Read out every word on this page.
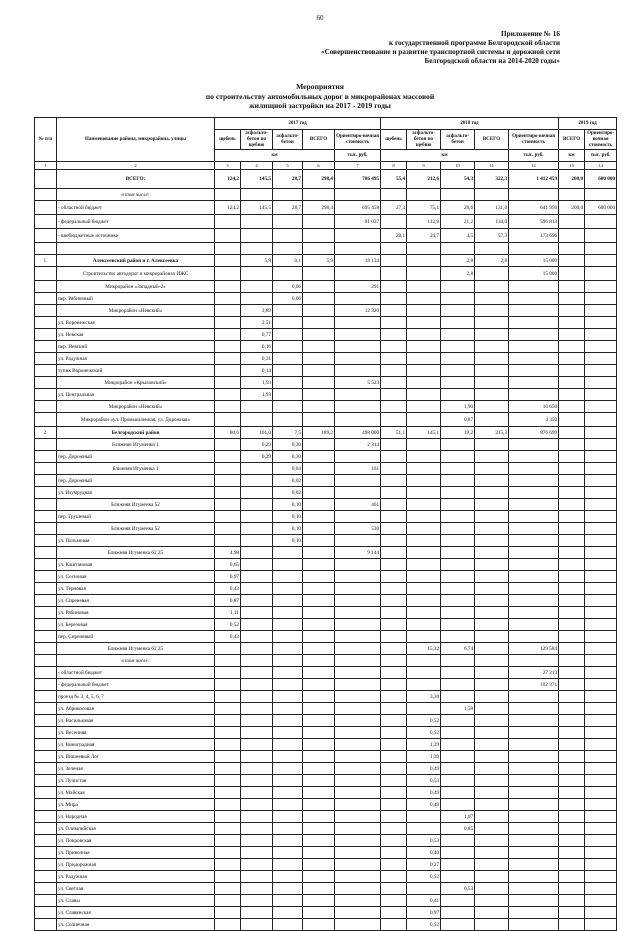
60
Приложение № 16
к государственной программе Белгородской области
«Совершенствование и развитие транспортной системы и дорожной сети
Белгородской области на 2014-2020 годы»
Мероприятия
по строительству автомобильных дорог в микрорайонах массовой
жилищной застройки на 2017 - 2019 годы
№ п/п	Наименование района, микрорайона, улицы	2017 год					2018 год					2019 год	
		щебень	асфальто-бетон по щебню	асфальто-бетон	ВСЕГО	Ориентиро-вочная стоимость	щебень	асфальто-бетон по щебню	асфальто-бетон	ВСЕГО	Ориентиро-вочная стоимость	ВСЕГО	Ориентиро-вочная стоимость
		км				тыс. руб.	км				тыс. руб.	км	тыс. руб.
1	2	3	4	5	6	7	8	9	10	11	12	13	14
	ВСЕГО:	124,2	145,5	28,7	298,4	786 495	55,4	212,6	54,3	322,3	1 412 459	200,0	600 000
	в том числе:												
	- областной бюджет	124,2	145,5	28,7	298,4	695 458	27,3	75,1	28,6	131,0	641 950	200,0	600 000
	- федеральный бюджет					91 037		112,8	21,2	134,0	596 813		
	- внебюджетные источники						28,1	24,7	4,5	57,3	173 696		

1.	Алексеевский район и г. Алексеевка		5,8	0,1	5,9	18 134			2,8	2,8	15 000		
	Строительство автодорог в микрорайонах ИЖС								2,8		15 000		
	Микрорайон «Западный-2»			0,06		291							
	пер. Рябиновый			0,06									
	Микрорайон «Невский»		3,89			12 320							
	ул. Воронежская		2,51										
	ул. Невская		0,77										
	пер. Невский		0,16										
	ул. Радужная		0,31										
	тупик Воронежский		0,14										
	Микрорайон «Крыловский»		1,93			5 523							
	ул. Центральная		1,93										
	Микрорайон «Невский»								1,90		10 650		
	Микрорайон «ул. Промышленная, ул. Дорожная»								0,87		4 350		
2.	Белгородский район	80,6	101,0	7,5	189,2	498 000	51,1	145,1	19,2	215,3	876 699		
	Ближние Игуменки 1		0,29	0,30		2 314							
	пер. Дорожный		0,29	0,30									
	Ближняя Игуменка 1			0,04		161							
	пер. Дорожный			0,02									
	ул. Изумрудная			0,02									
	Ближняя Игуменка 52			0,10		461							
	пер. Грушевый			0,10									
	Ближняя Игуменка 52			0,10		530							
	ул. Пальмовая			0,10									
	Ближняя Игуменка 62.25	4,98				9 144							
	ул. Каштановая	0,65											
	ул. Сосновая	0,97											
	ул. Терновая	0,43											
	ул. Сиреневая	0,87											
	ул. Рябиновая	1,11											
	ул. Березовая	0,52											
	пер. Сиреневый	0,43											
	Ближняя Игуменка 62.25							15,32	6,74		129 584		
	в том числе:												
	- областной бюджет										27 213		
	- федеральный бюджет										102 371		
	проезд № 3, 4, 5, 6, 7							3,30					
	ул. Абрикосовая								1,58				
	ул. Васильковая							0,52					
	ул. Весенняя							0,52					
	ул. Виноградная							1,29					
	ул. Вишневый Лог							1,39					
	ул. Зеленая							0,49					
	ул. Лучистая							0,53					
	ул. Майская							0,49					
	ул. Мира							0,49					
	ул. Народная								1,07				
	ул. Олимпийская								0,85				
	ул. Покровская							0,53					
	ул. Приволная							0,40					
	ул. Придорожная							0,27					
	ул. Радужная							0,52					
	ул. Светлая								0,53				
	ул. Славы							0,41					
	ул. Славянская							0,97					
	ул. Солнечная							0,52					
